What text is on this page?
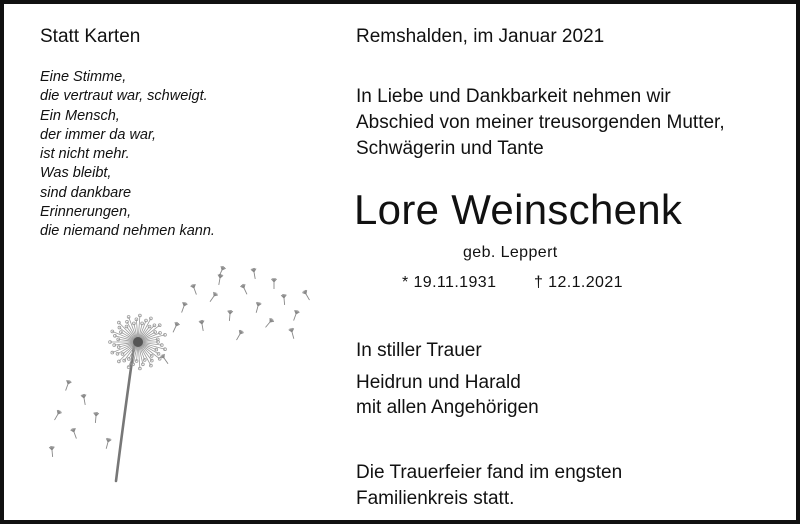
Statt Karten
Eine Stimme,
die vertraut war, schweigt.
Ein Mensch,
der immer da war,
ist nicht mehr.
Was bleibt,
sind dankbare
Erinnerungen,
die niemand nehmen kann.
Remshalden, im Januar 2021
In Liebe und Dankbarkeit nehmen wir
Abschied von meiner treusorgenden Mutter,
Schwägerin und Tante
Lore Weinschenk
geb. Leppert
* 19.11.1931 † 12.1.2021
In stiller Trauer
Heidrun und Harald
mit allen Angehörigen
Die Trauerfeier fand im engsten
Familienkreis statt.
